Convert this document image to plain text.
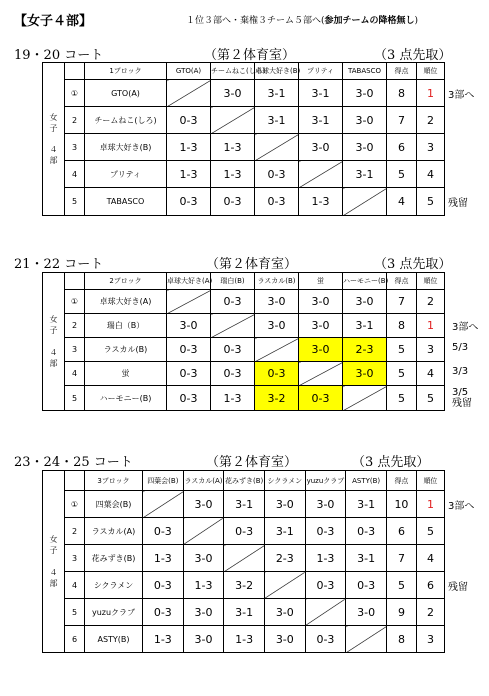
【女子４部】	１位３部へ・棄権３チーム５部へ(参加チームの降格無し)
19・20 コート	（第２体育室）	（3 点先取）
女
子
４
部		1ブロック	GTO(A)	チームねこ(しろ)	卓球大好き(B)	プリティ	TABASCO	得点	順位
	①	GTO(A)		3-0	3-1	3-1	3-0	8	1
	2	チームねこ(しろ)	0-3		3-1	3-1	3-0	7	2
	3	卓球大好き(B)	1-3	1-3		3-0	3-0	6	3
	4	プリティ	1-3	1-3	0-3		3-1	5	4
	5	TABASCO	0-3	0-3	0-3	1-3		4	5
21・22 コート	（第２体育室）	（3 点先取）
女
子
４
部		2ブロック	卓球大好き(A)	瑞白(B)	ラスカル(B)	蛍	ハーモニー(B)	得点	順位
	①	卓球大好き(A)		0-3	3-0	3-0	3-0	7	2
	2	瑞白（B）	3-0		3-0	3-0	3-1	8	1
	3	ラスカル(B)	0-3	0-3		3-0	2-3	5	3
	4	蛍	0-3	0-3	0-3		3-0	5	4
	5	ハーモニー(B)	0-3	1-3	3-2	0-3		5	5
23・24・25 コート	（第２体育室）	（3 点先取）
女
子
４
部		3ブロック	四葉会(B)	ラスカル(A)	花みずき(B)	シクラメン	yuzuクラブ	ASTY(B)	得点	順位
	①	四葉会(B)		3-0	3-1	3-0	3-0	3-1	10	1
	2	ラスカル(A)	0-3		0-3	3-1	0-3	0-3	6	5
	3	花みずき(B)	1-3	3-0		2-3	1-3	3-1	7	4
	4	シクラメン	0-3	1-3	3-2		0-3	0-3	5	6
	5	yuzuクラブ	0-3	3-0	3-1	3-0		3-0	9	2
	6	ASTY(B)	1-3	3-0	1-3	3-0	0-3		8	3
3部へ
残留
3部へ
5/3
3/3
3/5
残留
3部へ
残留
